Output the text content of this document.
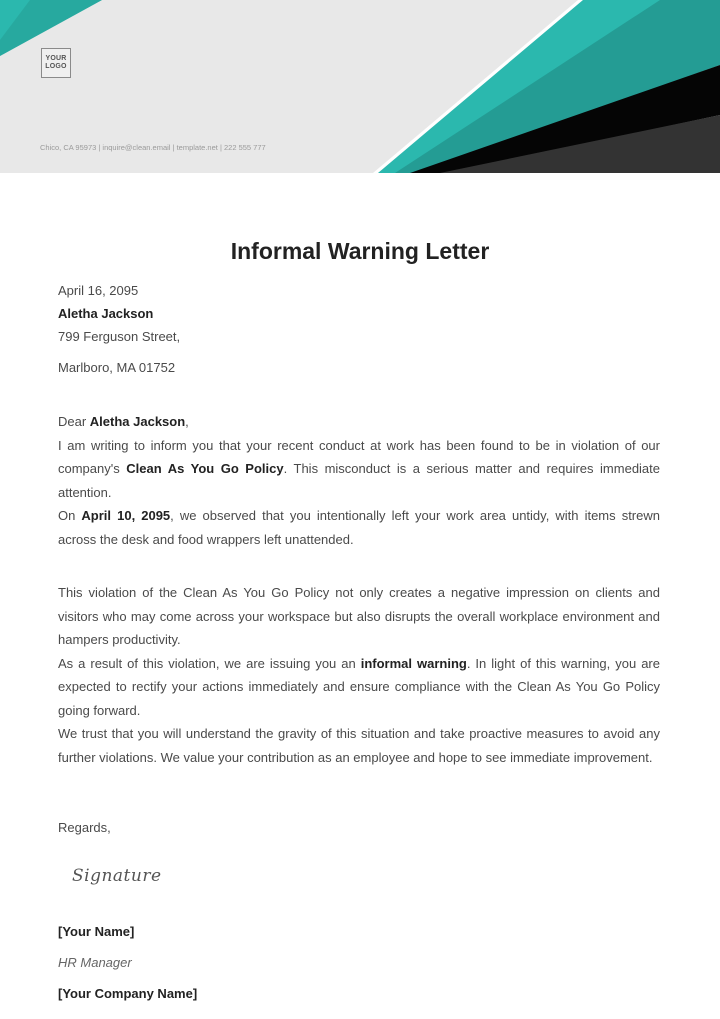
YOUR
LOGO
Chico, CA 95973 | inquire@clean.email | template.net | 222 555 777
Informal Warning Letter
April 16, 2095
Aletha Jackson
799 Ferguson Street,
Marlboro, MA 01752
Dear Aletha Jackson,
I am writing to inform you that your recent conduct at work has been found to be in violation of our company's Clean As You Go Policy. This misconduct is a serious matter and requires immediate attention.
On April 10, 2095, we observed that you intentionally left your work area untidy, with items strewn across the desk and food wrappers left unattended.
This violation of the Clean As You Go Policy not only creates a negative impression on clients and visitors who may come across your workspace but also disrupts the overall workplace environment and hampers productivity.
As a result of this violation, we are issuing you an informal warning. In light of this warning, you are expected to rectify your actions immediately and ensure compliance with the Clean As You Go Policy going forward.
We trust that you will understand the gravity of this situation and take proactive measures to avoid any further violations. We value your contribution as an employee and hope to see immediate improvement.
Regards,
Signature
[Your Name]
HR Manager
[Your Company Name]
